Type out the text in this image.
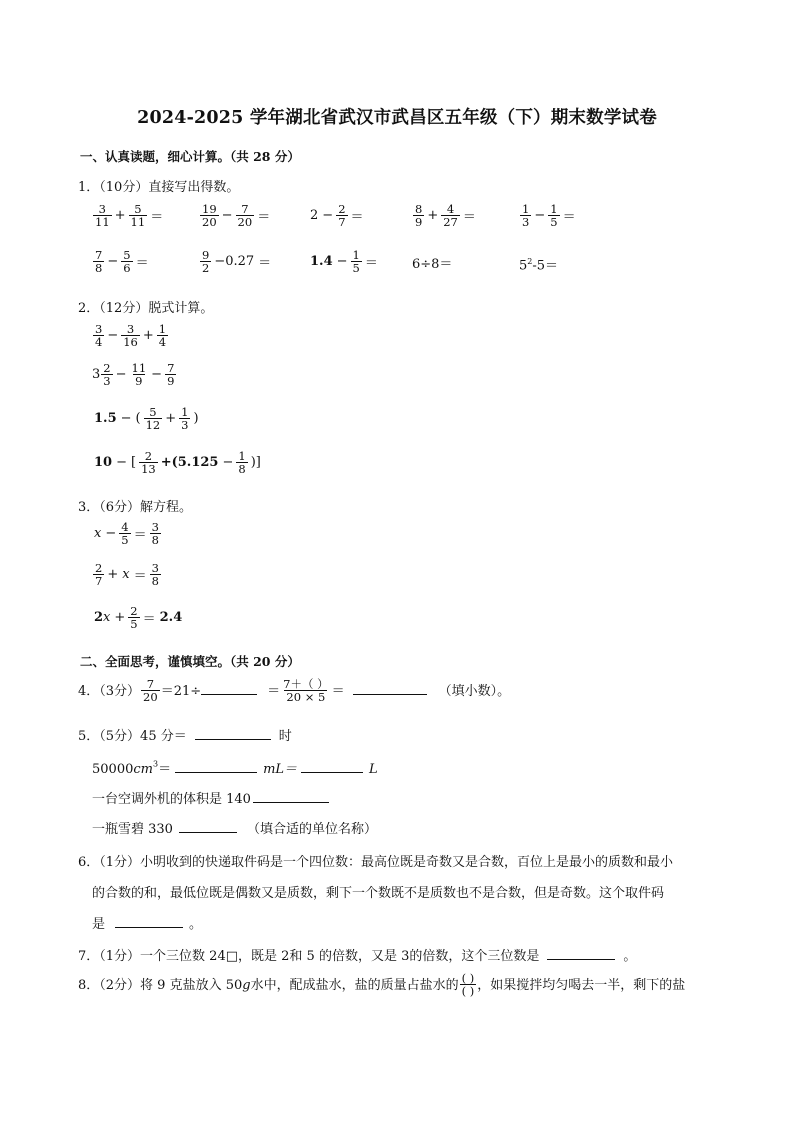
2024-2025 学年湖北省武汉市武昌区五年级（下）期末数学试卷
一、认真读题，细心计算。（共 28 分）
1．（10分）直接写出得数。
$\frac{3}{11} + \frac{5}{11}$ ＝	$\frac{19}{20} - \frac{7}{20}$ ＝	$2 - \frac{2}{7}$ ＝	$\frac{8}{9} + \frac{4}{27}$ ＝	$\frac{1}{3} - \frac{1}{5}$ ＝
$\frac{7}{8} - \frac{5}{6}$ ＝	$\frac{9}{2} -0.27$ ＝	$1.4 - \frac{1}{5}$ ＝	6÷8＝	$5^2-5=$
2．（12分）脱式计算。
$\frac{3}{4} - \frac{3}{16} + \frac{1}{4}$
$3 \frac{2}{3} - \frac{11}{9} - \frac{7}{9}$
1.5 − ( $\frac{5}{12} + \frac{1}{3}$ )
10 − [ $\frac{2}{13} +(5.125 - \frac{1}{8}$ )]
3．（6分）解方程。
$x - \frac{4}{5} = \frac{3}{8}$
$\frac{2}{7} + x = \frac{3}{8}$
$2x + \frac{2}{5} = 2.4$
二、全面思考，谨慎填空。（共 20 分）
4．（3分） $\frac{7}{20} =21\div$	＝ $\frac{7+( )}{20 \times 5}$ ＝	（填小数）。
5．（5分）45 分＝	时
$50000cm^3=$	mL＝	L
一台空调外机的体积是 140
一瓶雪碧 330	（填合适的单位名称）
6．（1分）小明收到的快递取件码是一个四位数：最高位既是奇数又是合数，百位上是最小的质数和最小
的合数的和，最低位既是偶数又是质数，剩下一个数既不是质数也不是合数，但是奇数。这个取件码
是	。
7．（1分）一个三位数 24□，既是 2和 5 的倍数，又是 3的倍数，这个三位数是	。
8．（2分）将 9 克盐放入 50g水中，配成盐水，盐的质量占盐水的
( )
( ) ，如果搅拌均匀喝去一半，剩下的盐
